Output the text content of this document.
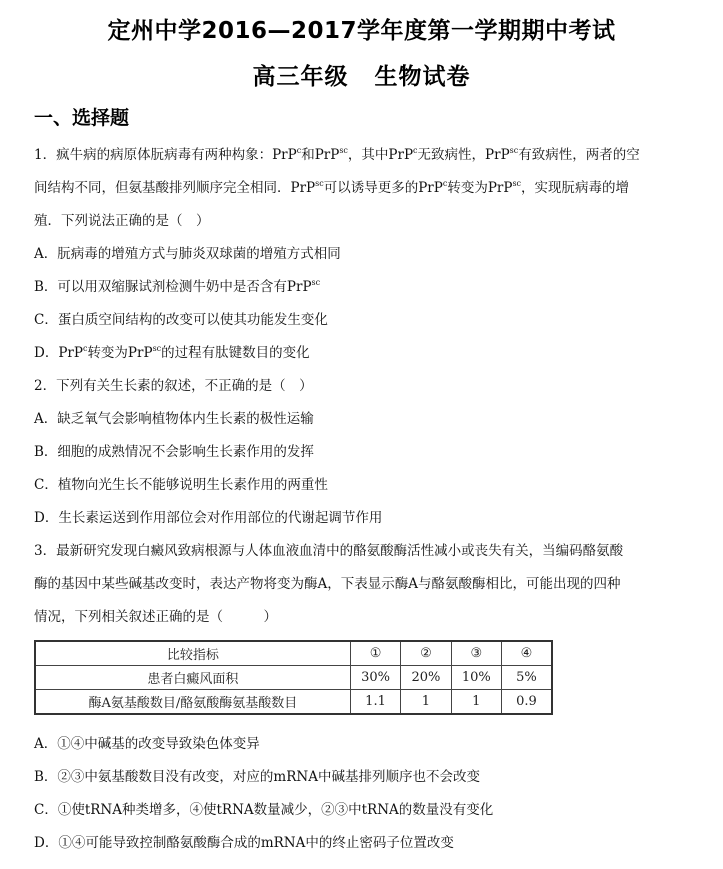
定州中学2016—2017学年度第一学期期中考试
高三年级 生物试卷
一、选择题
1．疯牛病的病原体朊病毒有两种构象：PrP$^c$和PrP$^{sc}$，其中PrP$^c$无致病性，PrP$^{sc}$有致病性，两者的空
间结构不同，但氨基酸排列顺序完全相同．PrP$^{sc}$可以诱导更多的PrP$^c$转变为PrP$^{sc}$，实现朊病毒的增
殖．下列说法正确的是（　）
A．朊病毒的增殖方式与肺炎双球菌的增殖方式相同
B．可以用双缩脲试剂检测牛奶中是否含有PrP$^{sc}$
C．蛋白质空间结构的改变可以使其功能发生变化
D．PrP$^c$转变为PrP$^{sc}$的过程有肽键数目的变化
2．下列有关生长素的叙述，不正确的是（　）
A．缺乏氧气会影响植物体内生长素的极性运输
B．细胞的成熟情况不会影响生长素作用的发挥
C．植物向光生长不能够说明生长素作用的两重性
D．生长素运送到作用部位会对作用部位的代谢起调节作用
3．最新研究发现白癜风致病根源与人体血液血清中的酪氨酸酶活性减小或丧失有关，当编码酪氨酸
酶的基因中某些碱基改变时，表达产物将变为酶A，下表显示酶A与酪氨酸酶相比，可能出现的四种
情况，下列相关叙述正确的是（　　　）
比较指标	①	②	③	④
患者白癜风面积	30%	20%	10%	5%
酶A氨基酸数目/酪氨酸酶氨基酸数目	1.1	1	1	0.9
A．①④中碱基的改变导致染色体变异
B．②③中氨基酸数目没有改变，对应的mRNA中碱基排列顺序也不会改变
C．①使tRNA种类增多，④使tRNA数量减少，②③中tRNA的数量没有变化
D．①④可能导致控制酪氨酸酶合成的mRNA中的终止密码子位置改变
